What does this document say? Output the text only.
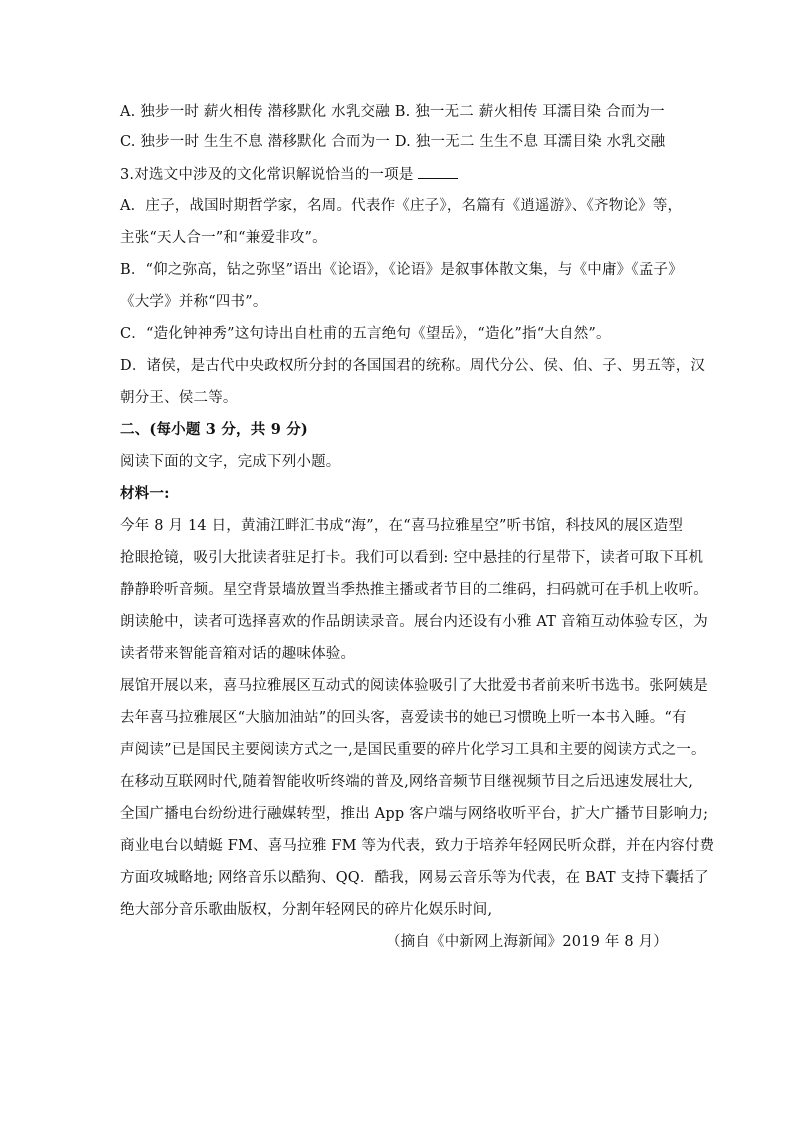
A. 独步一时 薪火相传 潜移默化 水乳交融 B. 独一无二 薪火相传 耳濡目染 合而为一

C. 独步一时 生生不息 潜移默化 合而为一 D. 独一无二 生生不息 耳濡目染 水乳交融

3.对选文中涉及的文化常识解说恰当的一项是

A．庄子，战国时期哲学家，名周。代表作《庄子》，名篇有《逍遥游》、《齐物论》等，

主张“天人合一”和“兼爱非攻”。

B．“仰之弥高，钻之弥坚”语出《论语》，《论语》是叙事体散文集，与《中庸》《孟子》

《大学》并称“四书”。

C．“造化钟神秀”这句诗出自杜甫的五言绝句《望岳》，“造化”指“大自然”。

D．诸侯，是古代中央政权所分封的各国国君的统称。周代分公、侯、伯、子、男五等，汉

朝分王、侯二等。

二、(每小题 3 分，共 9 分)

阅读下面的文字，完成下列小题。

材料一:

今年 8 月 14 日，黄浦江畔汇书成“海”，在“喜马拉雅星空”听书馆，科技风的展区造型

抢眼抢镜，吸引大批读者驻足打卡。我们可以看到: 空中悬挂的行星带下，读者可取下耳机

静静聆听音频。星空背景墙放置当季热推主播或者节目的二维码，扫码就可在手机上收听。

朗读舱中，读者可选择喜欢的作品朗读录音。展台内还设有小雅 AT 音箱互动体验专区，为

读者带来智能音箱对话的趣味体验。

展馆开展以来，喜马拉雅展区互动式的阅读体验吸引了大批爱书者前来听书选书。张阿姨是

去年喜马拉雅展区“大脑加油站”的回头客，喜爱读书的她已习惯晚上听一本书入睡。“有

声阅读”已是国民主要阅读方式之一,是国民重要的碎片化学习工具和主要的阅读方式之一。

在移动互联网时代,随着智能收听终端的普及,网络音频节目继视频节目之后迅速发展壮大,

全国广播电台纷纷进行融媒转型，推出 App 客户端与网络收听平台，扩大广播节目影响力;

商业电台以蜻蜓 FM、喜马拉雅 FM 等为代表，致力于培养年轻网民听众群，并在内容付费

方面攻城略地; 网络音乐以酷狗、QQ．酷我，网易云音乐等为代表，在 BAT 支持下囊括了

绝大部分音乐歌曲版权，分割年轻网民的碎片化娱乐时间,

（摘自《中新网上海新闻》2019 年 8 月）
